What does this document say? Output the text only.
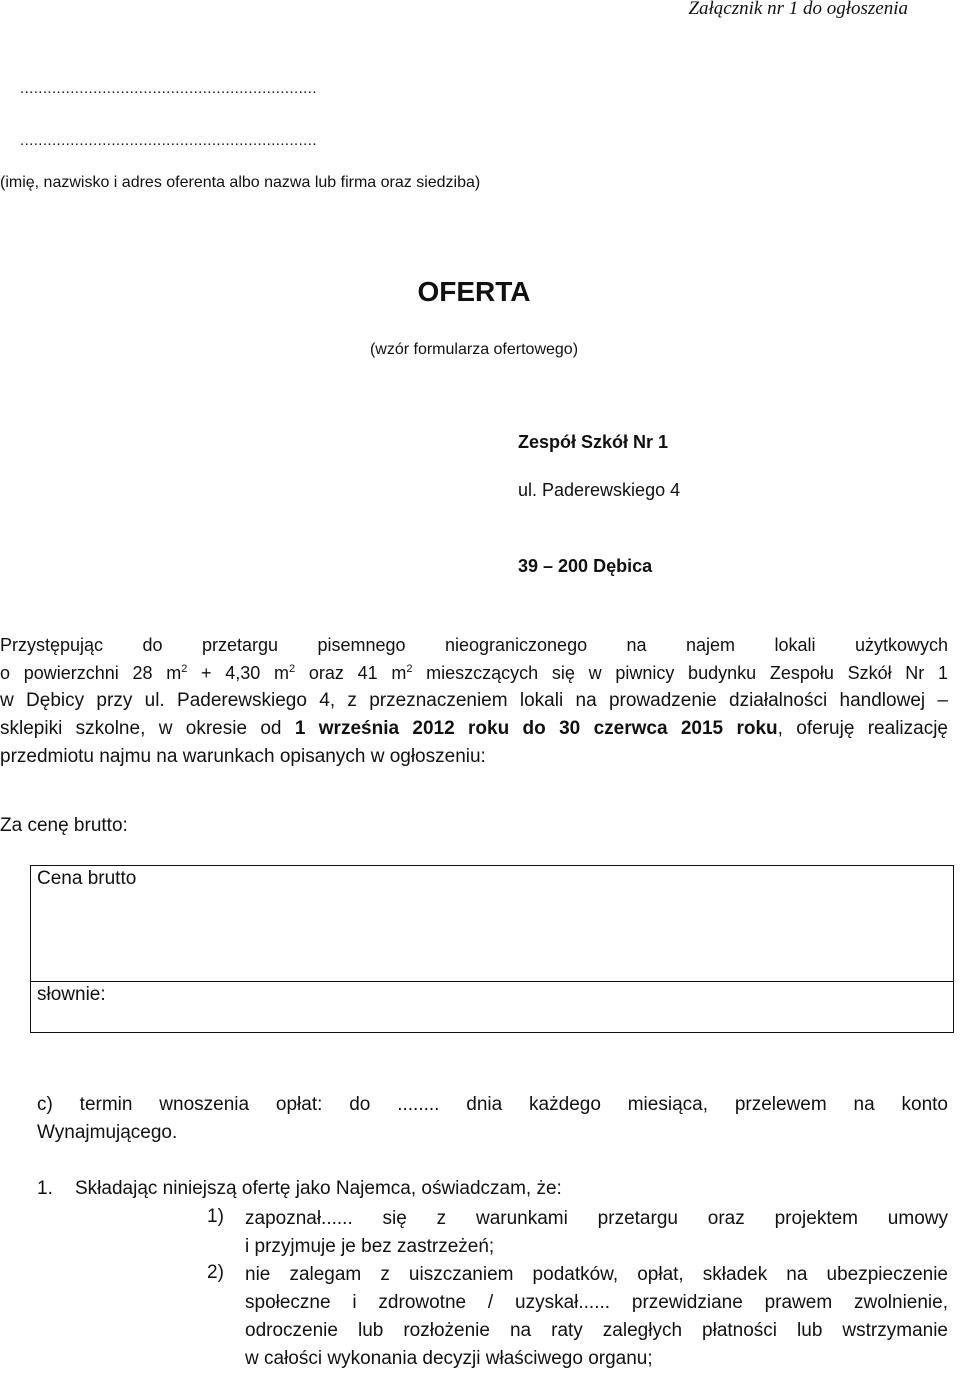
Załącznik nr 1 do ogłoszenia
.................................................................
.................................................................
(imię, nazwisko i adres oferenta albo nazwa lub firma oraz siedziba)
OFERTA
(wzór formularza ofertowego)
Zespół Szkół Nr 1
ul. Paderewskiego 4
39 – 200 Dębica
Przystępując do przetargu pisemnego nieograniczonego na najem lokali użytkowych
o powierzchni 28 $m^2 + 4,30$ $m^2$ oraz 41 $m^2$ mieszczących się w piwnicy budynku Zespołu Szkół Nr 1
w Dębicy przy ul. Paderewskiego 4, z przeznaczeniem lokali na prowadzenie działalności handlowej –
sklepiki szkolne, w okresie od 1 września 2012 roku do 30 czerwca 2015 roku, oferuję realizację
przedmiotu najmu na warunkach opisanych w ogłoszeniu:
Za cenę brutto:
Cena brutto
słownie:
c) termin wnoszenia opłat: do ........ dnia każdego miesiąca, przelewem na konto
Wynajmującego.
1. Składając niniejszą ofertę jako Najemca, oświadczam, że:
1) zapoznał...... się z warunkami przetargu oraz projektem umowy
i przyjmuje je bez zastrzeżeń;
2) nie zalegam z uiszczaniem podatków, opłat, składek na ubezpieczenie
społeczne i zdrowotne / uzyskał...... przewidziane prawem zwolnienie,
odroczenie lub rozłożenie na raty zaległych płatności lub wstrzymanie
w całości wykonania decyzji właściwego organu;
